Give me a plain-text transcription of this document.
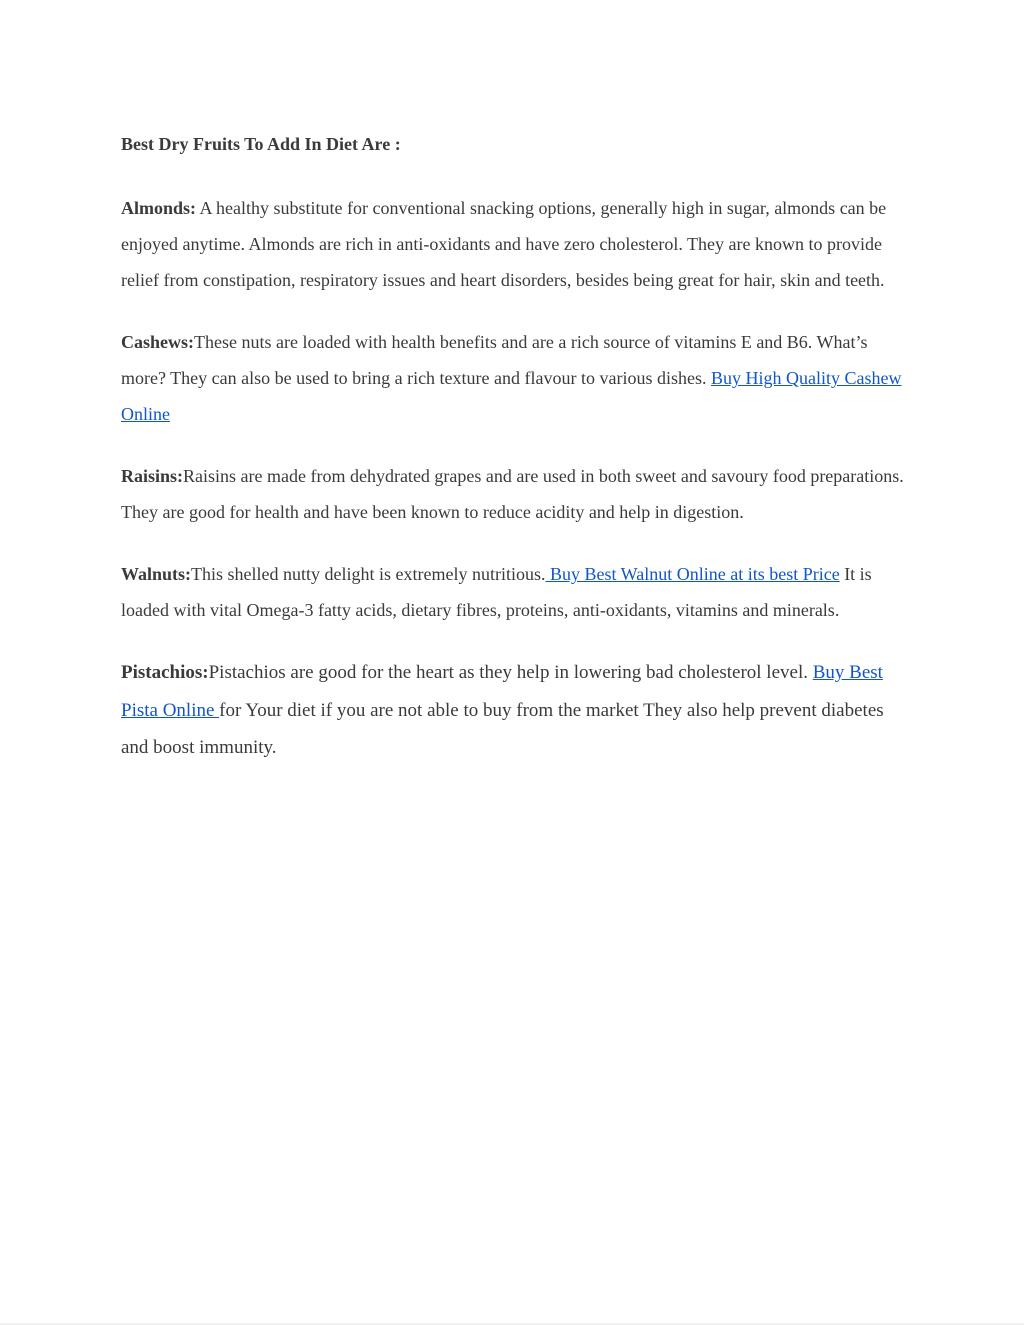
Best Dry Fruits To Add In Diet Are :

Almonds: A healthy substitute for conventional snacking options, generally high in sugar, almonds can be enjoyed anytime. Almonds are rich in anti-oxidants and have zero cholesterol. They are known to provide relief from constipation, respiratory issues and heart disorders, besides being great for hair, skin and teeth.

Cashews:These nuts are loaded with health benefits and are a rich source of vitamins E and B6. What’s more? They can also be used to bring a rich texture and flavour to various dishes. Buy High Quality Cashew Online

Raisins:Raisins are made from dehydrated grapes and are used in both sweet and savoury food preparations. They are good for health and have been known to reduce acidity and help in digestion.

Walnuts:This shelled nutty delight is extremely nutritious. Buy Best Walnut Online at its best Price It is loaded with vital Omega-3 fatty acids, dietary fibres, proteins, anti-oxidants, vitamins and minerals.

Pistachios:Pistachios are good for the heart as they help in lowering bad cholesterol level. Buy Best Pista Online for Your diet if you are not able to buy from the market They also help prevent diabetes and boost immunity.
